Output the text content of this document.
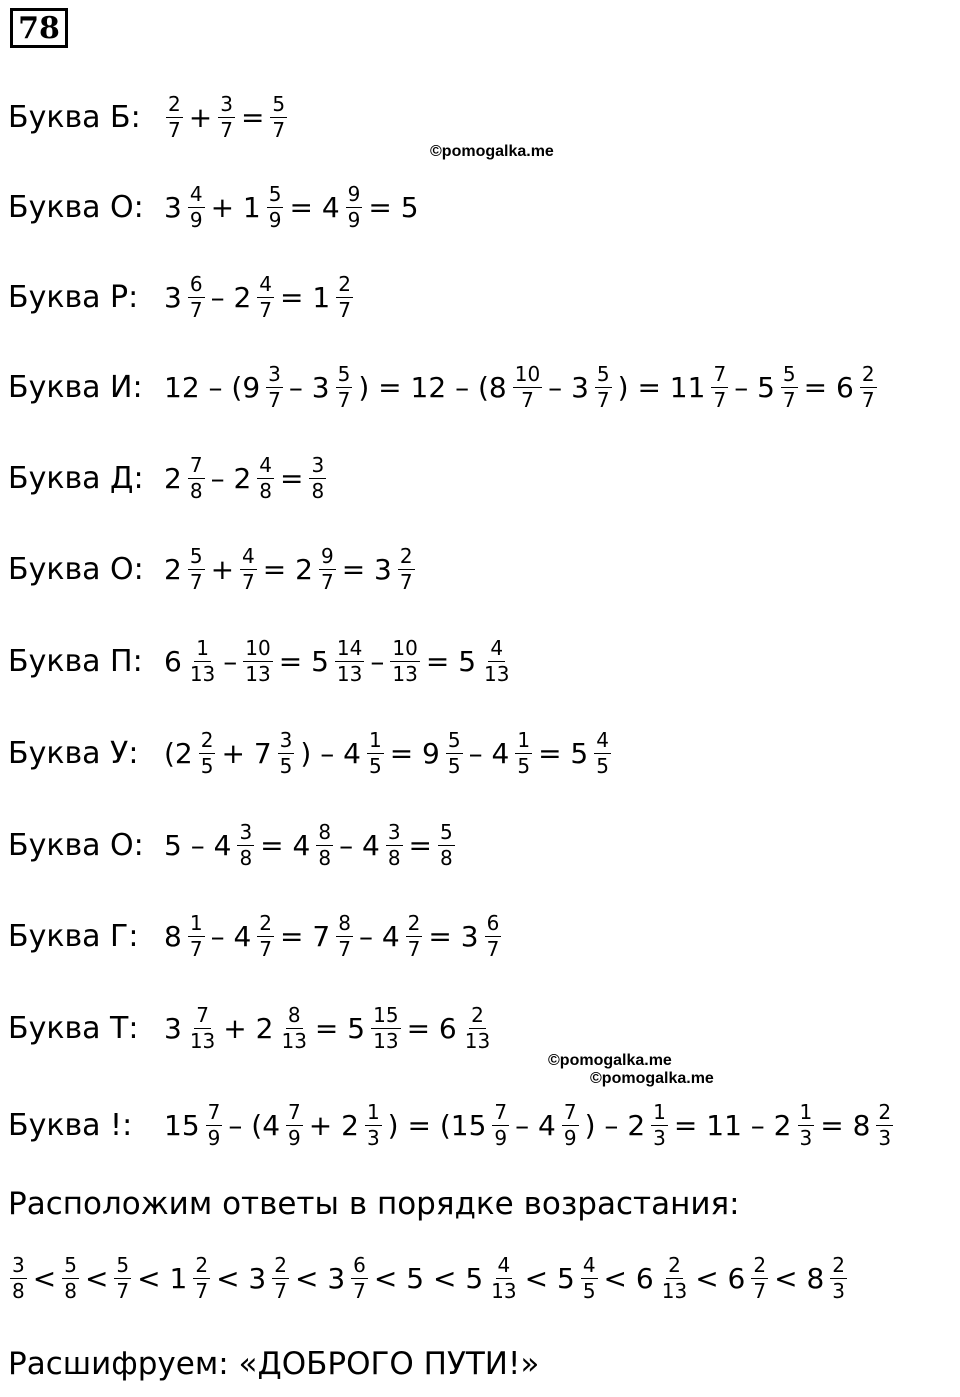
78
©pomogalka.me
©pomogalka.me
©pomogalka.me
Буква Б:	$\frac{2}{7} + \frac{3}{7} = \frac{5}{7}$
Буква О: $3 \frac{4}{9} + 1 \frac{5}{9} = 4 \frac{9}{9} = 5$
Буква Р: $3 \frac{6}{7} - 2 \frac{4}{7} = 1 \frac{2}{7}$
Буква И: $12 - (9 \frac{3}{7} - 3 \frac{5}{7}$ ) = $12 - (8 \frac{10}{7} - 3 \frac{5}{7}$ ) = $11 \frac{7}{7} - 5 \frac{5}{7} = 6 \frac{2}{7}$
Буква Д: $2 \frac{7}{8} - 2 \frac{4}{8} = \frac{3}{8}$
Буква О: $2 \frac{5}{7} + \frac{4}{7} = 2 \frac{9}{7} = 3 \frac{2}{7}$
Буква П: $6 \frac{1}{13} - \frac{10}{13} = 5 \frac{14}{13} - \frac{10}{13} = 5 \frac{4}{13}$
Буква У: ($2 \frac{2}{5} + 7 \frac{3}{5}$ ) – $4 \frac{1}{5} = 9 \frac{5}{5} - 4 \frac{1}{5} = 5 \frac{4}{5}$
Буква О: $5 - 4 \frac{3}{8} = 4 \frac{8}{8} - 4 \frac{3}{8} = \frac{5}{8}$
Буква Г: $8 \frac{1}{7} - 4 \frac{2}{7} = 7 \frac{8}{7} - 4 \frac{2}{7} = 3 \frac{6}{7}$
Буква Т: $3 \frac{7}{13} + 2 \frac{8}{13} = 5 \frac{15}{13} = 6 \frac{2}{13}$
Буква !:	$15 \frac{7}{9} - (4 \frac{7}{9} + 2 \frac{1}{3}$ ) = ($15 \frac{7}{9} - 4 \frac{7}{9}$ ) – $2 \frac{1}{3} = 11 - 2 \frac{1}{3} = 8 \frac{2}{3}$
Расположим ответы в порядке возрастания:
$\frac{3}{8} < \frac{5}{8} < \frac{5}{7} < 1 \frac{2}{7} < 3 \frac{2}{7} < 3 \frac{6}{7} < 5 < 5 \frac{4}{13} < 5 \frac{4}{5} < 6 \frac{2}{13} < 6 \frac{2}{7} < 8 \frac{2}{3}$
Расшифруем: «ДОБРОГО ПУТИ!»
